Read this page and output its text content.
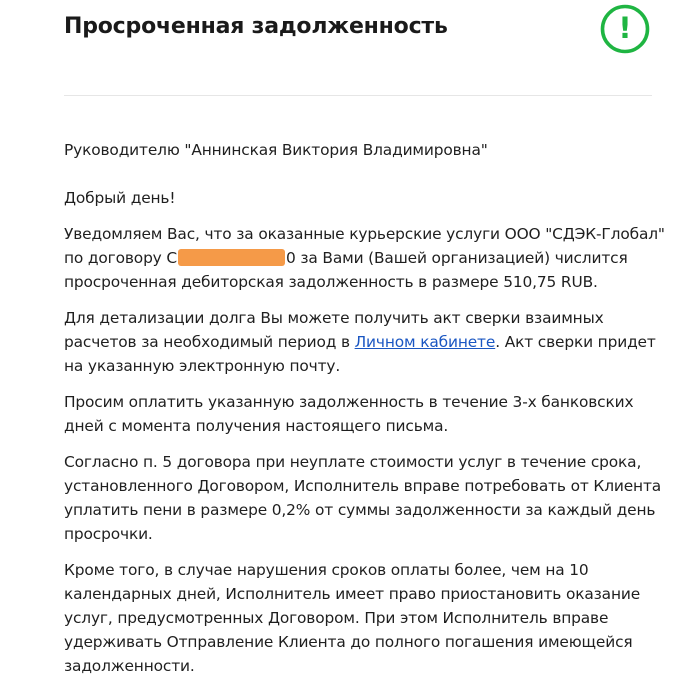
Просроченная задолженность	!

Руководителю "Аннинская Виктория Владимировна"

Добрый день!

Уведомляем Вас, что за оказанные курьерские услуги ООО "СДЭК-Глобал"
по договору С	0 за Вами (Вашей организацией) числится
просроченная дебиторская задолженность в размере 510,75 RUB.

Для детализации долга Вы можете получить акт сверки взаимных
расчетов за необходимый период в Личном кабинете. Акт сверки придет
на указанную электронную почту.

Просим оплатить указанную задолженность в течение 3-х банковских
дней с момента получения настоящего письма.

Согласно п. 5 договора при неуплате стоимости услуг в течение срока,
установленного Договором, Исполнитель вправе потребовать от Клиента
уплатить пени в размере 0,2% от суммы задолженности за каждый день
просрочки.

Кроме того, в случае нарушения сроков оплаты более, чем на 10
календарных дней, Исполнитель имеет право приостановить оказание
услуг, предусмотренных Договором. При этом Исполнитель вправе
удерживать Отправление Клиента до полного погашения имеющейся
задолженности.
